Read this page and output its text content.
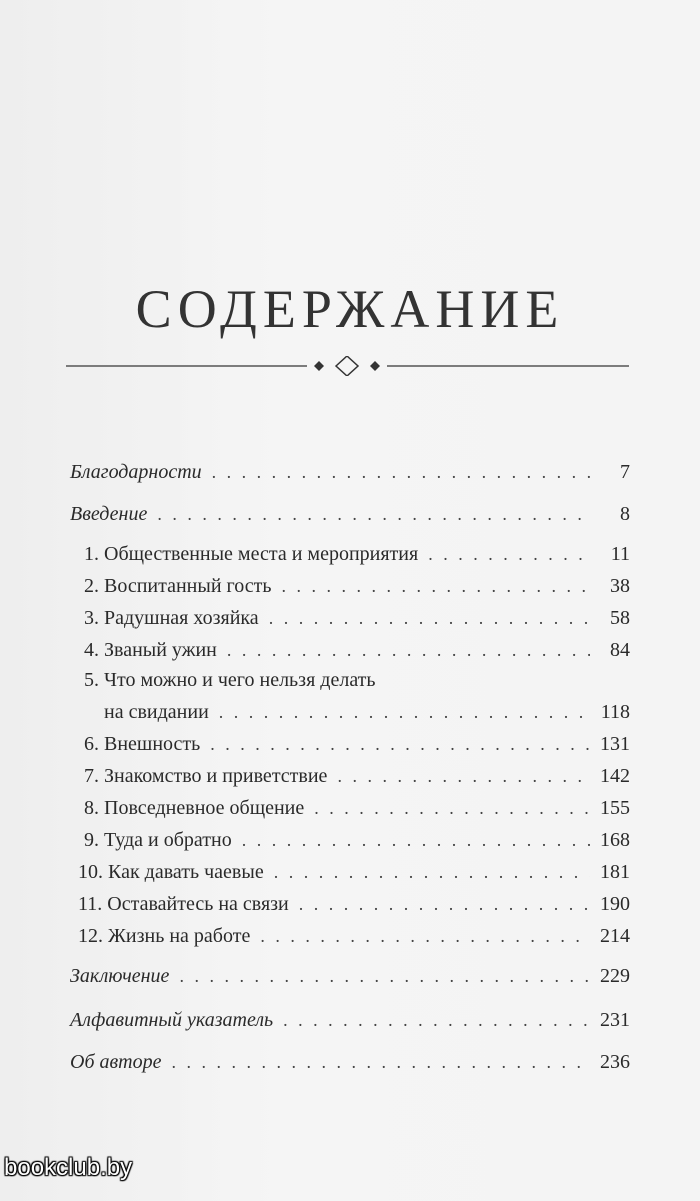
СОДЕРЖАНИЕ
Благодарности . . .	7
Введение . . .	8
1. Общественные места и мероприятия . . .	11
2. Воспитанный гость . . .	38
3. Радушная хозяйка . . .	58
4. Званый ужин . . .	84
5. Что можно и чего нельзя делать
на свидании . . .	118
6. Внешность . . .	131
7. Знакомство и приветствие . . .	142
8. Повседневное общение . . .	155
9. Туда и обратно . . .	168
10. Как давать чаевые . . .	181
11. Оставайтесь на связи . . .	190
12. Жизнь на работе . . .	214
Заключение . . .	229
Алфавитный указатель . . .	231
Об авторе . . .	236
bookclub.by
